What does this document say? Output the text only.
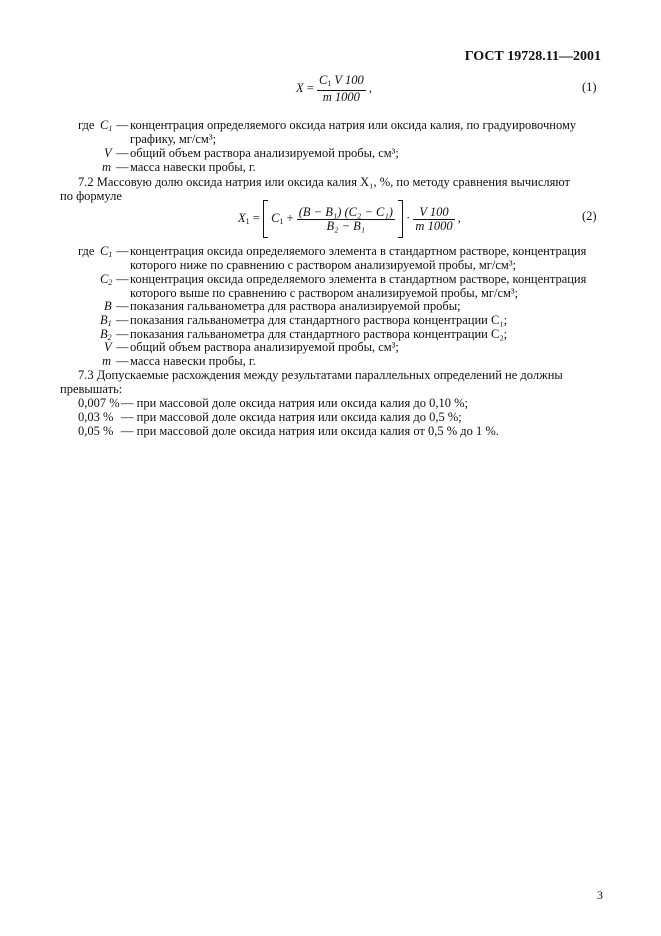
ГОСТ 19728.11—2001
$X = \frac{C_1 V 100}{m 1000}$ ,	(1)
где $C_1$ — концентрация определяемого оксида натрия или оксида калия, по градуировочному
графику, мг/см³;
V — общий объем раствора анализируемой пробы, см³;
m — масса навески пробы, г.
7.2 Массовую долю оксида натрия или оксида калия X₁, %, по методу сравнения вычисляют
по формуле
$X_1 = C_1 + \frac{\text{(B − B₁) (C₂ − C₁)}}{\text{B₂ − B₁}} \cdot \frac{V 100}{m 1000}$ ,	(2)
где $C_1$ — концентрация оксида определяемого элемента в стандартном растворе, концентрация
которого ниже по сравнению с раствором анализируемой пробы, мг/см³;
$C_2$ — концентрация оксида определяемого элемента в стандартном растворе, концентрация
которого выше по сравнению с раствором анализируемой пробы, мг/см³;
B — показания гальванометра для раствора анализируемой пробы;
$B_1$ — показания гальванометра для стандартного раствора концентрации C₁;
$B_2$ — показания гальванометра для стандартного раствора концентрации C₂;
V — общий объем раствора анализируемой пробы, см³;
m — масса навески пробы, г.
7.3 Допускаемые расхождения между результатами параллельных определений не должны
превышать:
0,007 % — при массовой доле оксида натрия или оксида калия до 0,10 %;
0,03 % — при массовой доле оксида натрия или оксида калия до 0,5 %;
0,05 % — при массовой доле оксида натрия или оксида калия от 0,5 % до 1 %.
3
